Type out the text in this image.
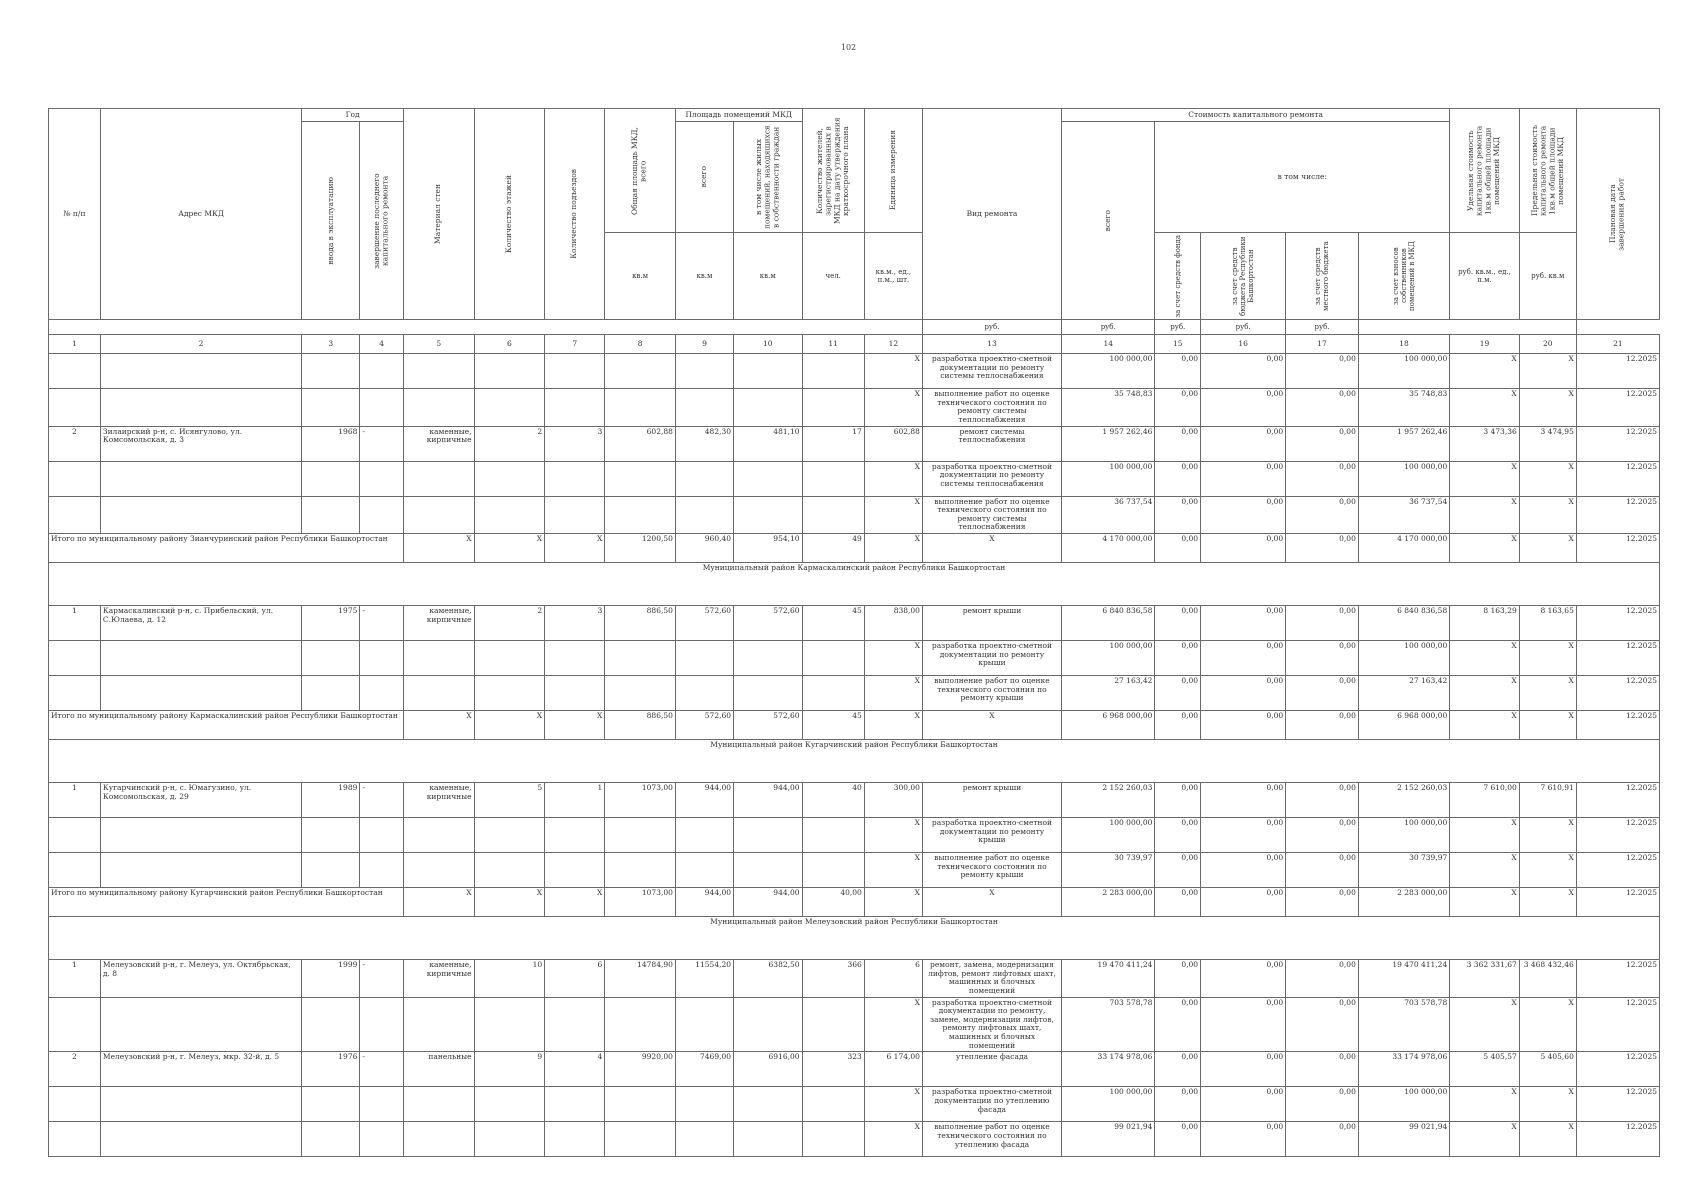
102
№ п/п	Адрес МКД	Год		Материал стен	Количество этажей	Количество подъездов	Общая площадь МКД, всего	Площадь помещений МКД		Количество жителей, зарегистрированных в МКД на дату утверждения краткосрочного плана	Единица измерения	Вид ремонта	Стоимость капитального ремонта					Удельная стоимость капитального ремонта 1кв.м общей площади помещений МКД	Предельная стоимость капитального ремонта 1кв.м общей площади помещений МКД	Плановая дата завершения работ

		ввода в эксплуатацию	завершение последнего капитального ремонта					всего	в том числе жилых помещений, находящихся в собственности граждан				всего	в том числе:						
							кв.м	кв.м	кв.м	чел.	кв.м., ед., п.м., шт.			за счет средств фонда	за счет средств бюджета Республики Башкортостан	за счет средств местного бюджета	за счет взносов собственников помещений в МКД	руб. кв.м., ед., п.м.	руб. кв.м	
												руб.	руб.	руб.	руб.	руб.				
1	2	3	4	5	6	7	8	9	10	11	12	13	14	15	16	17	18	19	20	21
											X	разработка проектно-сметной документации по ремонту системы теплоснабжения	100 000,00	0,00	0,00	0,00	100 000,00	X	X	12.2025
											X	выполнение работ по оценке технического состояния по ремонту системы теплоснабжения	35 748,83	0,00	0,00	0,00	35 748,83	X	X	12.2025
2	Зилаирский р-н, с. Исянгулово, ул. Комсомольская, д. 3	1968	-	каменные, кирпичные	2	3	602,88	482,30	481,10	17	602,88	ремонт системы теплоснабжения	1 957 262,46	0,00	0,00	0,00	1 957 262,46	3 473,36	3 474,95	12.2025
											X	разработка проектно-сметной документации по ремонту системы теплоснабжения	100 000,00	0,00	0,00	0,00	100 000,00	X	X	12.2025
											X	выполнение работ по оценке технического состояния по ремонту системы теплоснабжения	36 737,54	0,00	0,00	0,00	36 737,54	X	X	12.2025
Итого по муниципальному району Зианчуринский район Республики Башкортостан				X	X	X	1200,50	960,40	954,10	49	X	X	4 170 000,00	0,00	0,00	0,00	4 170 000,00	X	X	12.2025
Муниципальный район Кармаскалинский район Республики Башкортостан																				
1	Кармаскалинский р-н, с. Прибельский, ул. С.Юлаева, д. 12	1975	-	каменные, кирпичные	2	3	886,50	572,60	572,60	45	838,00	ремонт крыши	6 840 836,58	0,00	0,00	0,00	6 840 836,58	8 163,29	8 163,65	12.2025
											X	разработка проектно-сметной документации по ремонту крыши	100 000,00	0,00	0,00	0,00	100 000,00	X	X	12.2025
											X	выполнение работ по оценке технического состояния по ремонту крыши	27 163,42	0,00	0,00	0,00	27 163,42	X	X	12.2025
Итого по муниципальному району Кармаскалинский район Республики Башкортостан				X	X	X	886,50	572,60	572,60	45	X	X	6 968 000,00	0,00	0,00	0,00	6 968 000,00	X	X	12.2025
Муниципальный район Кугарчинский район Республики Башкортостан																				
1	Кугарчинский р-н, с. Юмагузино, ул. Комсомольская, д. 29	1989	-	каменные, кирпичные	5	1	1073,00	944,00	944,00	40	300,00	ремонт крыши	2 152 260,03	0,00	0,00	0,00	2 152 260,03	7 610,00	7 610,91	12.2025
											X	разработка проектно-сметной документации по ремонту крыши	100 000,00	0,00	0,00	0,00	100 000,00	X	X	12.2025
											X	выполнение работ по оценке технического состояния по ремонту крыши	30 739,97	0,00	0,00	0,00	30 739,97	X	X	12.2025
Итого по муниципальному району Кугарчинский район Республики Башкортостан				X	X	X	1073,00	944,00	944,00	40,00	X	X	2 283 000,00	0,00	0,00	0,00	2 283 000,00	X	X	12.2025
Муниципальный район Мелеузовский район Республики Башкортостан																				
1	Мелеузовский р-н, г. Мелеуз, ул. Октябрьская, д. 8	1999	-	каменные, кирпичные	10	6	14784,90	11554,20	6382,50	366	6	ремонт, замена, модернизация лифтов, ремонт лифтовых шахт, машинных и блочных помещений	19 470 411,24	0,00	0,00	0,00	19 470 411,24	3 362 331,67	3 468 432,46	12.2025
											X	разработка проектно-сметной документации по ремонту, замене, модернизации лифтов, ремонту лифтовых шахт, машинных и блочных помещений	703 578,78	0,00	0,00	0,00	703 578,78	X	X	12.2025
2	Мелеузовский р-н, г. Мелеуз, мкр. 32-й, д. 5	1976	-	панельные	9	4	9920,00	7469,00	6916,00	323	6 174,00	утепление фасада	33 174 978,06	0,00	0,00	0,00	33 174 978,06	5 405,57	5 405,60	12.2025
											X	разработка проектно-сметной документации по утеплению фасада	100 000,00	0,00	0,00	0,00	100 000,00	X	X	12.2025
											X	выполнение работ по оценке технического состояния по утеплению фасада	99 021,94	0,00	0,00	0,00	99 021,94	X	X	12.2025
